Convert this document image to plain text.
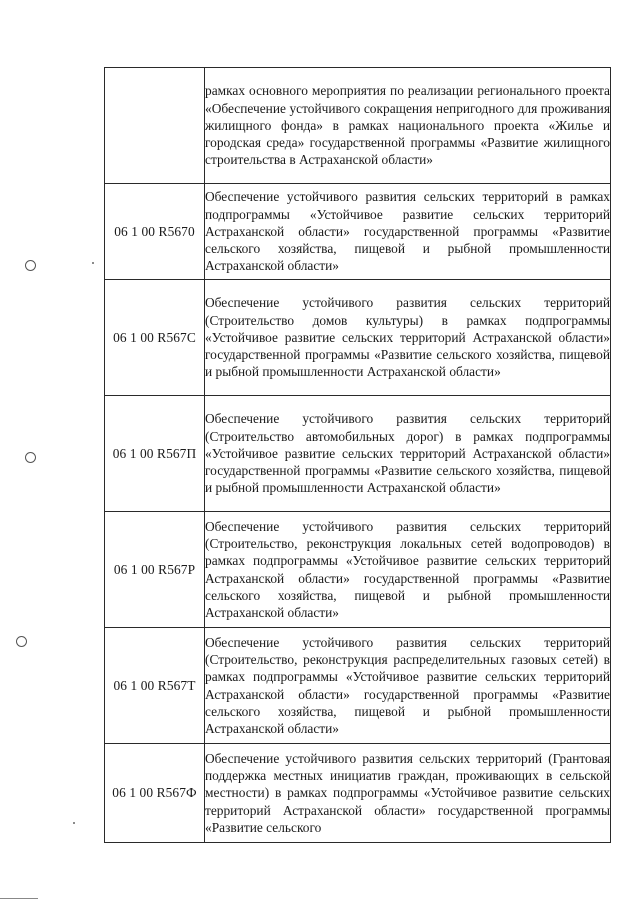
	рамках основного мероприятия по реализации регионального проекта «Обеспечение устойчивого сокращения непригодного для проживания жилищного фонда» в рамках национального проекта «Жилье и городская среда» государственной программы «Развитие жилищного строительства в Астраханской области»

06 1 00 R5670	Обеспечение устойчивого развития сельских территорий в рамках подпрограммы «Устойчивое развитие сельских территорий Астраханской области» государственной программы «Развитие сельского хозяйства, пищевой и рыбной промышленности Астраханской области»

06 1 00 R567С	Обеспечение устойчивого развития сельских территорий (Строительство домов культуры) в рамках подпрограммы «Устойчивое развитие сельских территорий Астраханской области» государственной программы «Развитие сельского хозяйства, пищевой и рыбной промышленности Астраханской области»

06 1 00 R567П	Обеспечение устойчивого развития сельских территорий (Строительство автомобильных дорог) в рамках подпрограммы «Устойчивое развитие сельских территорий Астраханской области» государственной программы «Развитие сельского хозяйства, пищевой и рыбной промышленности Астраханской области»

06 1 00 R567Р	Обеспечение устойчивого развития сельских территорий (Строительство, реконструкция локальных сетей водопроводов) в рамках подпрограммы «Устойчивое развитие сельских территорий Астраханской области» государственной программы «Развитие сельского хозяйства, пищевой и рыбной промышленности Астраханской области»

06 1 00 R567Т	Обеспечение устойчивого развития сельских территорий (Строительство, реконструкция распределительных газовых сетей) в рамках подпрограммы «Устойчивое развитие сельских территорий Астраханской области» государственной программы «Развитие сельского хозяйства, пищевой и рыбной промышленности Астраханской области»

06 1 00 R567Ф	Обеспечение устойчивого развития сельских территорий (Грантовая поддержка местных инициатив граждан, проживающих в сельской местности) в рамках подпрограммы «Устойчивое развитие сельских территорий Астраханской области» государственной программы «Развитие сельского
